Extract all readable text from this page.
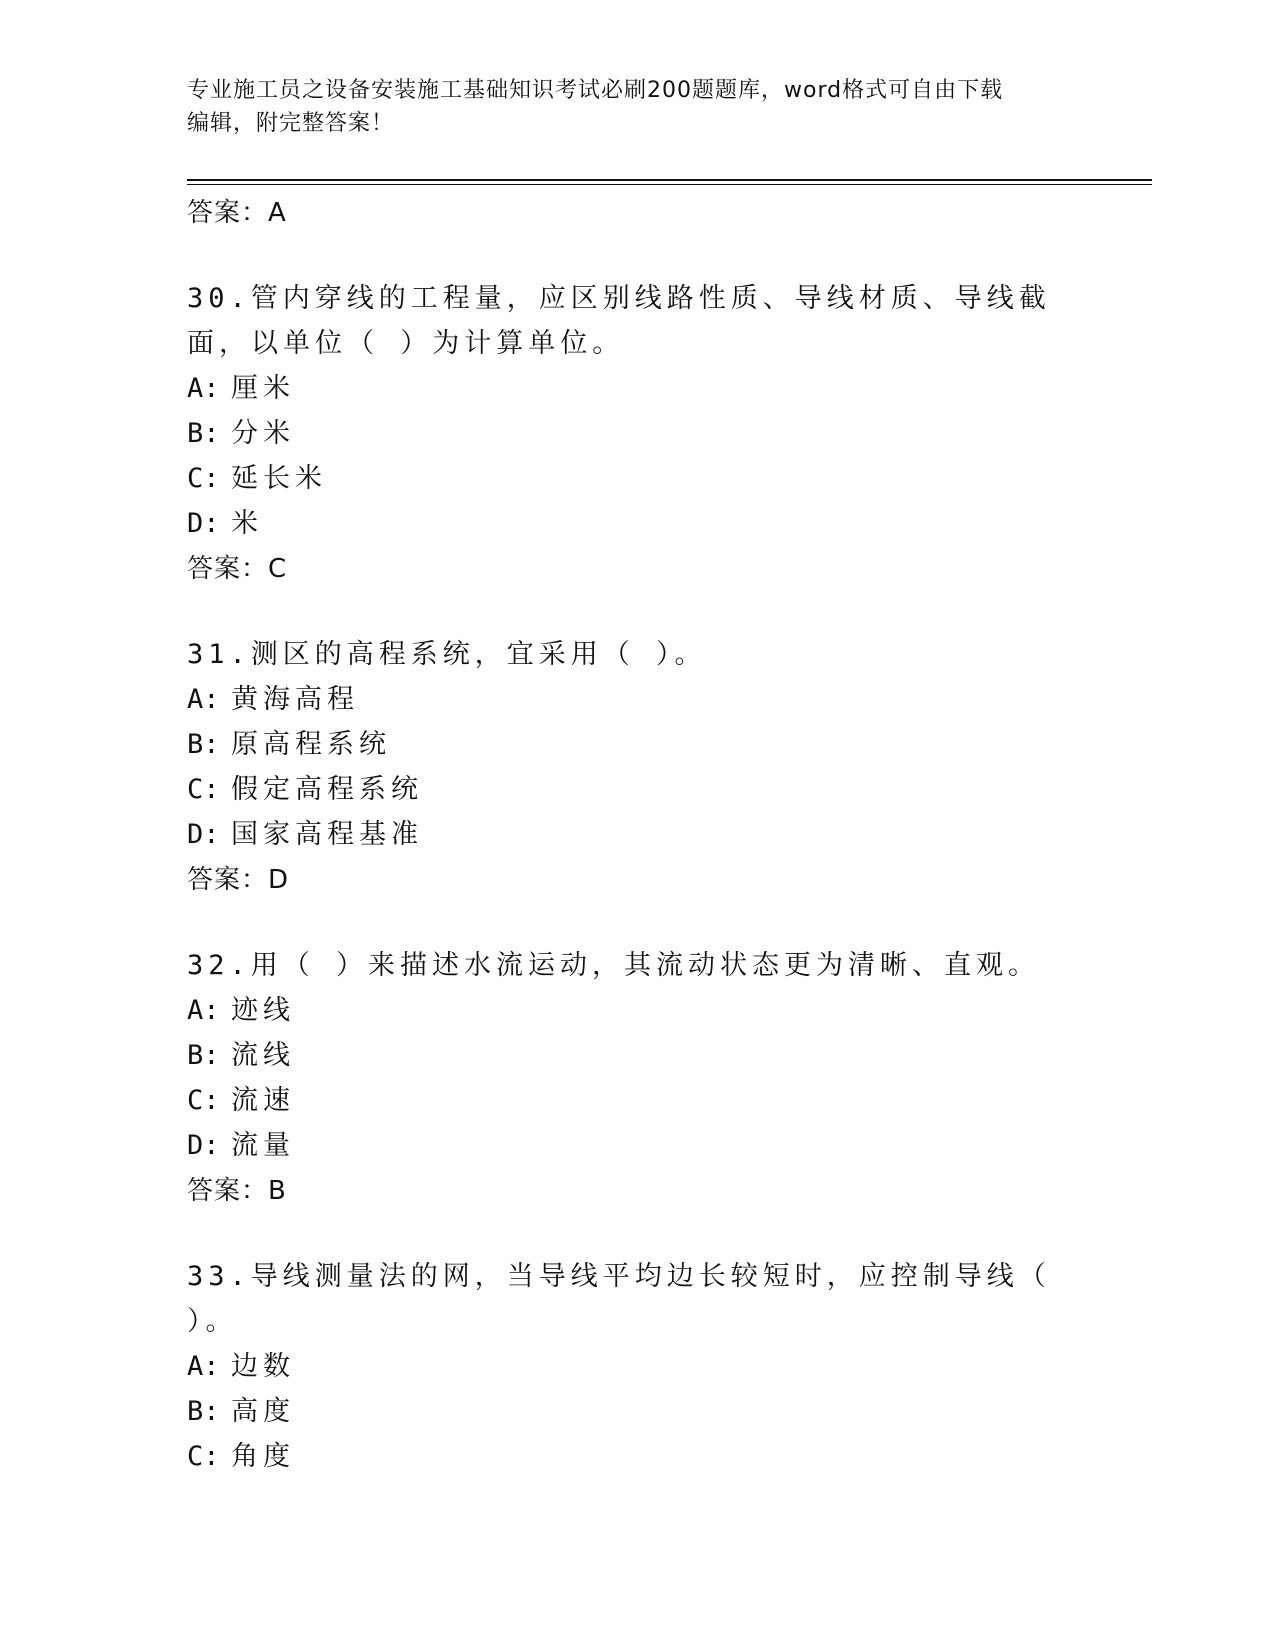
专业施工员之设备安装施工基础知识考试必刷200题题库，word格式可自由下载
编辑，附完整答案！
答案：A
30.管内穿线的工程量，应区别线路性质、导线材质、导线截面，以单位（ ）为计算单位。
A: 厘米
B: 分米
C: 延长米
D: 米
答案：C
31.测区的高程系统，宜采用（ ）。
A: 黄海高程
B: 原高程系统
C: 假定高程系统
D: 国家高程基准
答案：D
32.用（ ）来描述水流运动，其流动状态更为清晰、直观。
A: 迹线
B: 流线
C: 流速
D: 流量
答案：B
33.导线测量法的网，当导线平均边长较短时，应控制导线（ ）。
A: 边数
B: 高度
C: 角度
